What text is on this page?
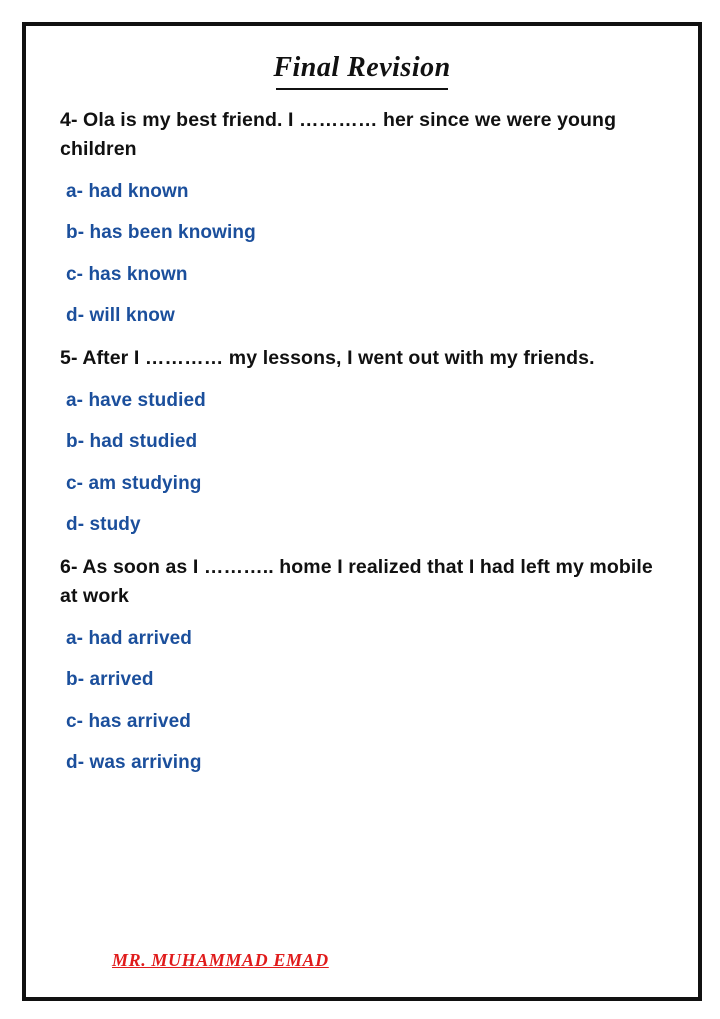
Final Revision
4- Ola is my best friend. I ………… her since we were young children
a- had known
b- has been knowing
c- has known
d- will know
5- After I ………… my lessons, I went out with my friends.
a- have studied
b- had studied
c- am studying
d- study
6- As soon as I ……….. home I realized that I had left my mobile at work
a- had arrived
b- arrived
c- has arrived
d- was arriving
MR. MUHAMMAD EMAD
